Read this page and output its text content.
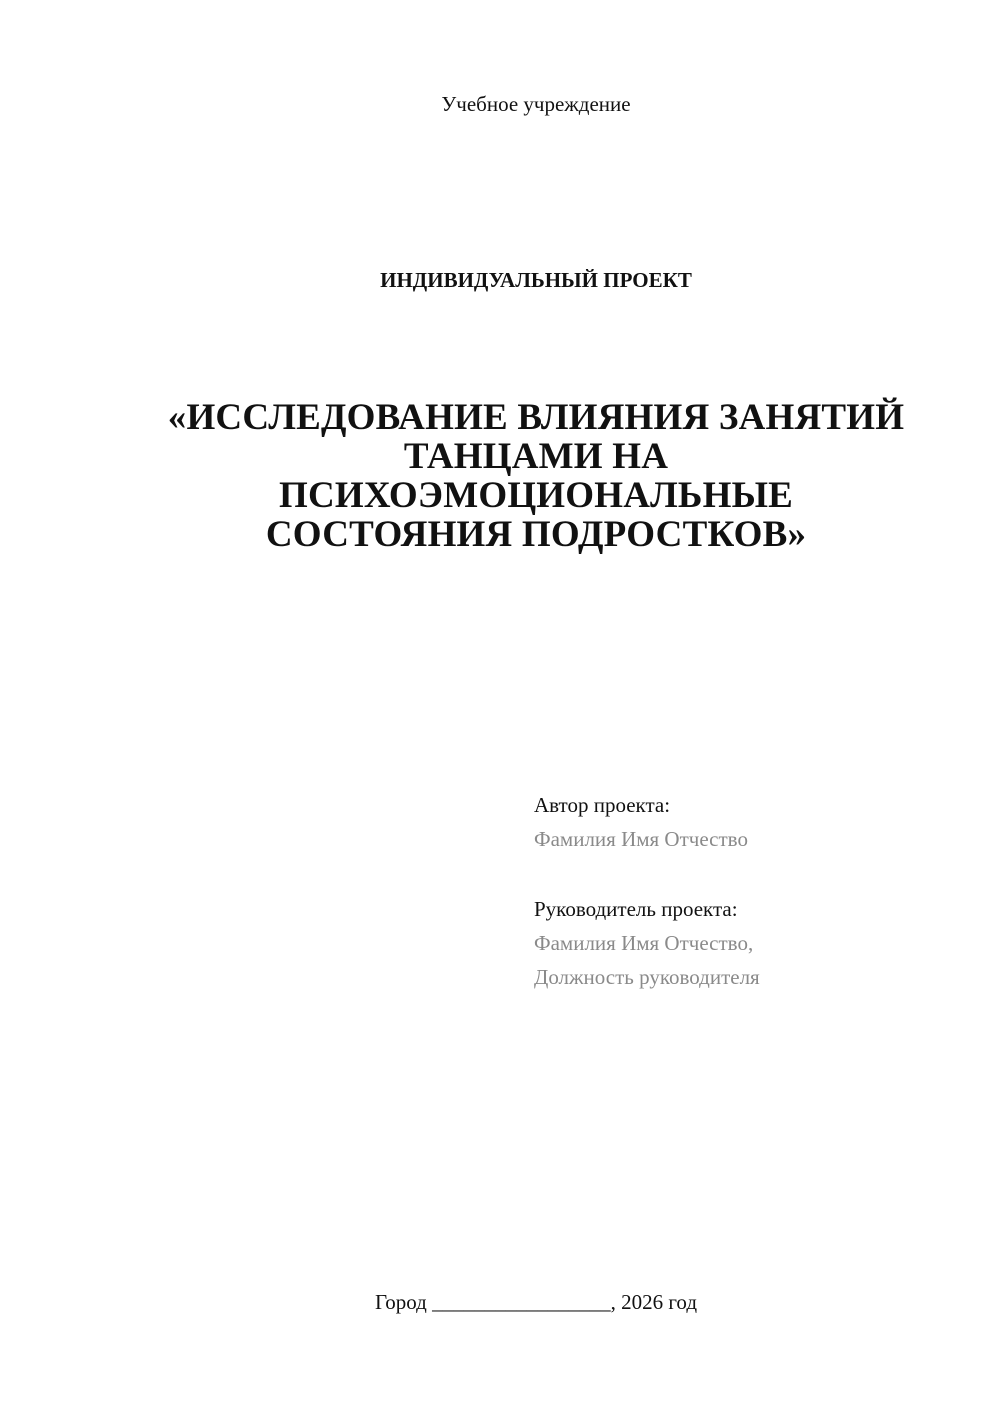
Учебное учреждение
ИНДИВИДУАЛЬНЫЙ ПРОЕКТ
«ИССЛЕДОВАНИЕ ВЛИЯНИЯ ЗАНЯТИЙ
ТАНЦАМИ НА
ПСИХОЭМОЦИОНАЛЬНЫЕ
СОСТОЯНИЯ ПОДРОСТКОВ»
Автор проекта:
Фамилия Имя Отчество
Руководитель проекта:
Фамилия Имя Отчество,
Должность руководителя
Город _________________, 2026 год
